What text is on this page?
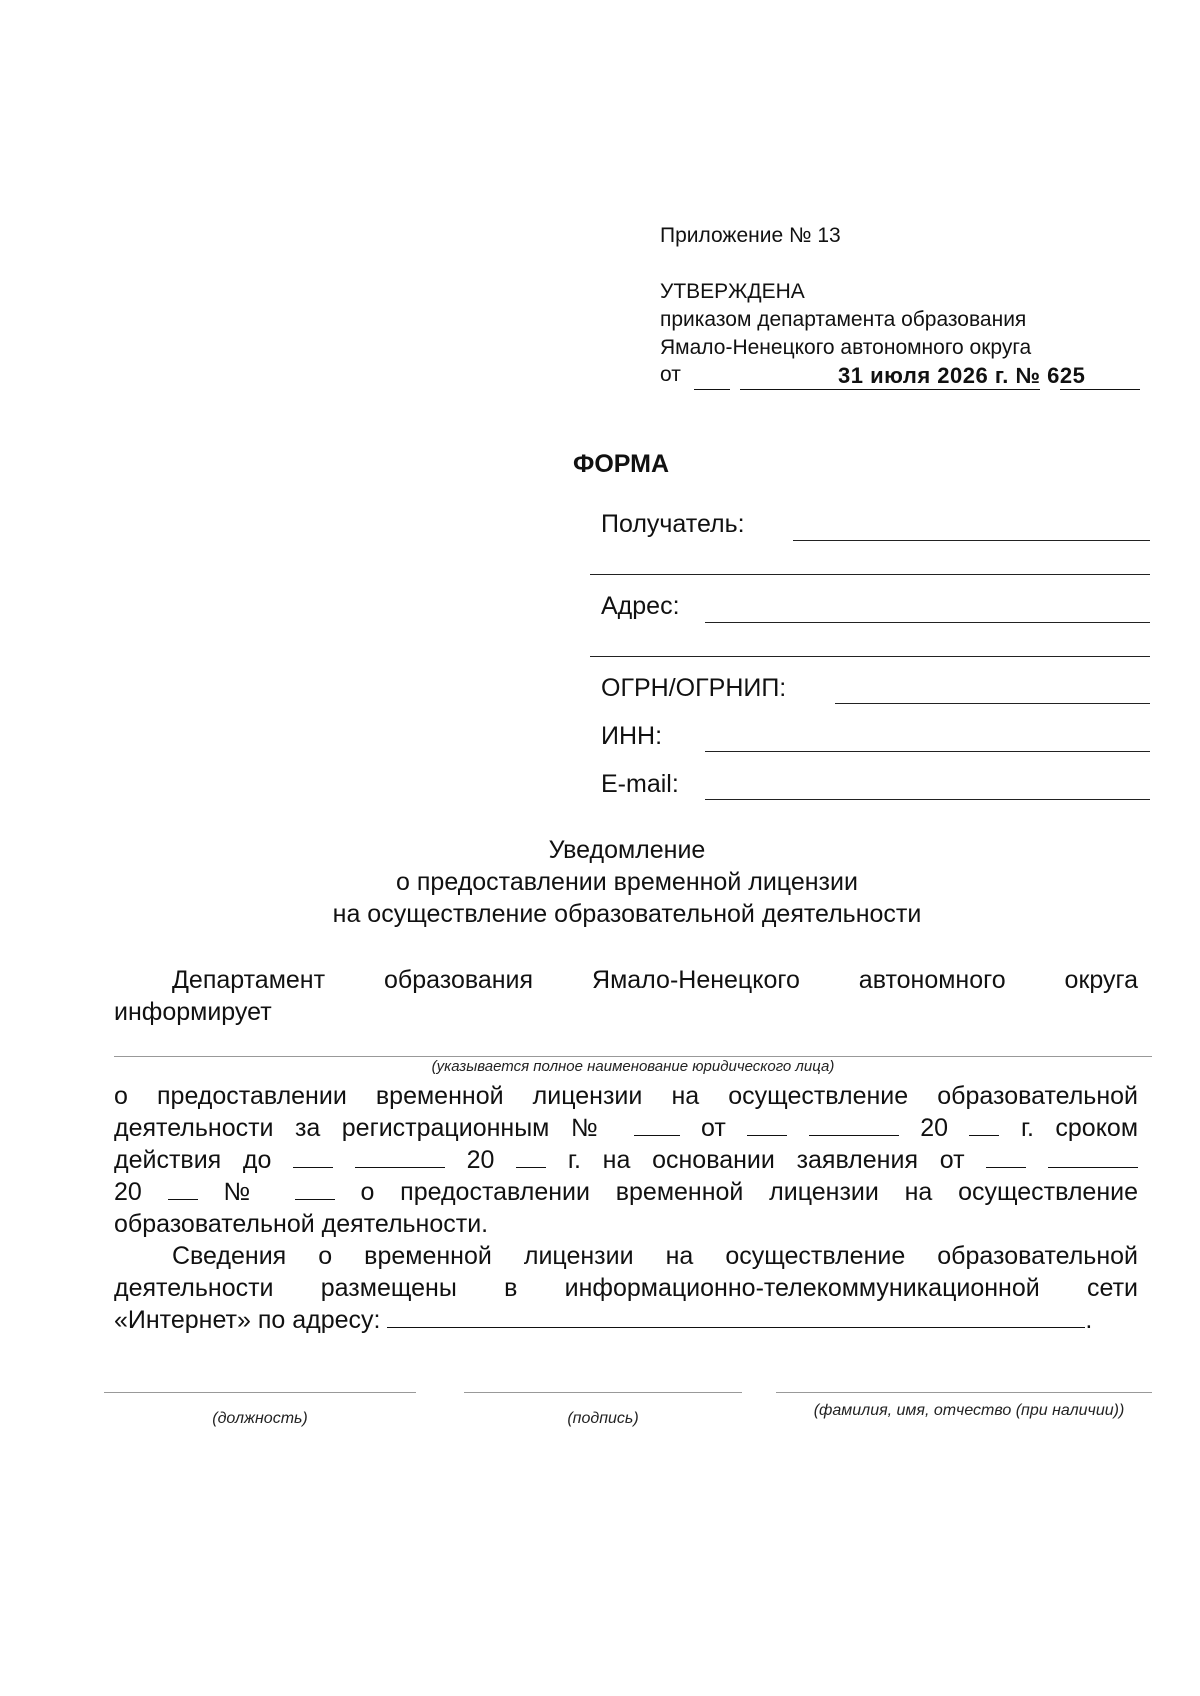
Приложение № 13
УТВЕРЖДЕНА
приказом департамента образования
Ямало-Ненецкого автономного округа
от	31 июля 2026 г. № 625
ФОРМА
Получатель:
Адрес:
ОГРН/ОГРНИП:
ИНН:
E-mail:
Уведомление
о предоставлении временной лицензии
на осуществление образовательной деятельности
Департамент образования Ямало-Ненецкого автономного округа
информирует
(указывается полное наименование юридического лица)
о предоставлении временной лицензии на осуществление образовательной
деятельности за регистрационным №	от	20	г. сроком
действия до	20	г. на основании заявления от
20	№	о предоставлении временной лицензии на осуществление
образовательной деятельности.
Сведения о временной лицензии на осуществление образовательной
деятельности размещены в информационно-телекоммуникационной сети
«Интернет» по адресу:	.
(должность)	(подпись)	(фамилия, имя, отчество (при наличии))
